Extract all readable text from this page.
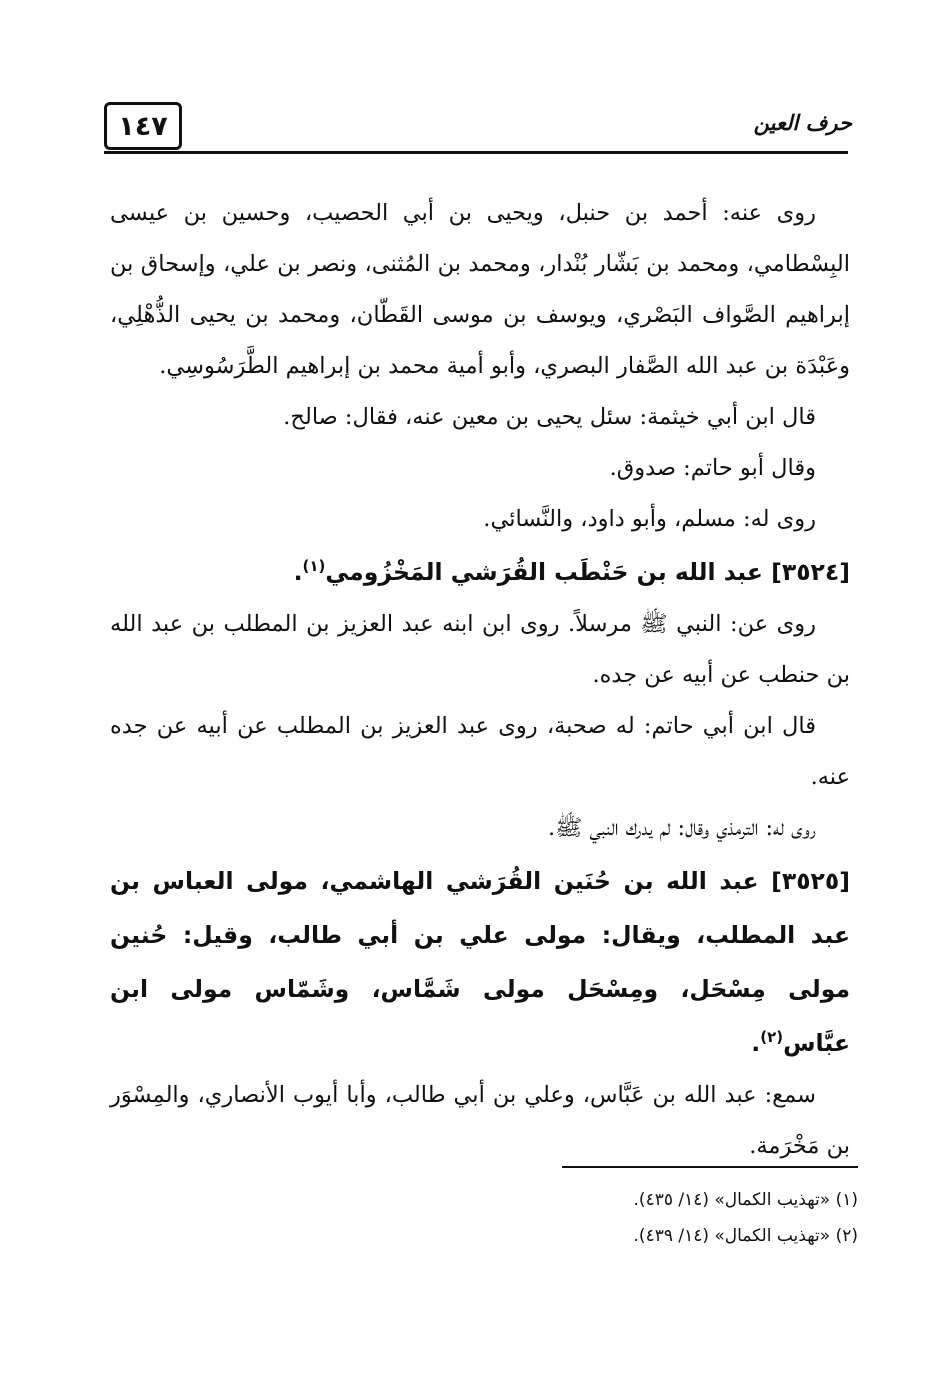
١٤٧	حرف العين

روى عنه: أحمد بن حنبل، ويحيى بن أبي الحصيب، وحسين بن عيسى البِسْطامي، ومحمد بن بَشّار بُنْدار، ومحمد بن المُثنى، ونصر بن علي، وإسحاق بن إبراهيم الصَّواف البَصْري، ويوسف بن موسى القَطّان، ومحمد بن يحيى الذُّهْلِي، وعَبْدَة بن عبد الله الصَّفار البصري، وأبو أمية محمد بن إبراهيم الطَّرَسُوسِي.

قال ابن أبي خيثمة: سئل يحيى بن معين عنه، فقال: صالح.

وقال أبو حاتم: صدوق.

روى له: مسلم، وأبو داود، والنَّسائي.

[٣٥٢٤] عبد الله بن حَنْطَب القُرَشي المَخْزُومي$^{(١)}$.

روى عن: النبي ﷺ مرسلاً. روى ابن ابنه عبد العزيز بن المطلب بن عبد الله بن حنطب عن أبيه عن جده.

قال ابن أبي حاتم: له صحبة، روى عبد العزيز بن المطلب عن أبيه عن جده عنه.

روى له: الترمذي وقال: لم يدرك النبي ﷺ.

[٣٥٢٥] عبد الله بن حُنَين القُرَشي الهاشمي، مولى العباس بن عبد المطلب، ويقال: مولى علي بن أبي طالب، وقيل: حُنين مولى مِسْحَل، ومِسْحَل مولى شَمَّاس، وشَمّاس مولى ابن عبَّاس$^{(٢)}$.

سمع: عبد الله بن عَبَّاس، وعلي بن أبي طالب، وأبا أيوب الأنصاري، والمِسْوَر بن مَخْرَمة.

(١) «تهذيب الكمال» (١٤/ ٤٣٥).

(٢) «تهذيب الكمال» (١٤/ ٤٣٩).
